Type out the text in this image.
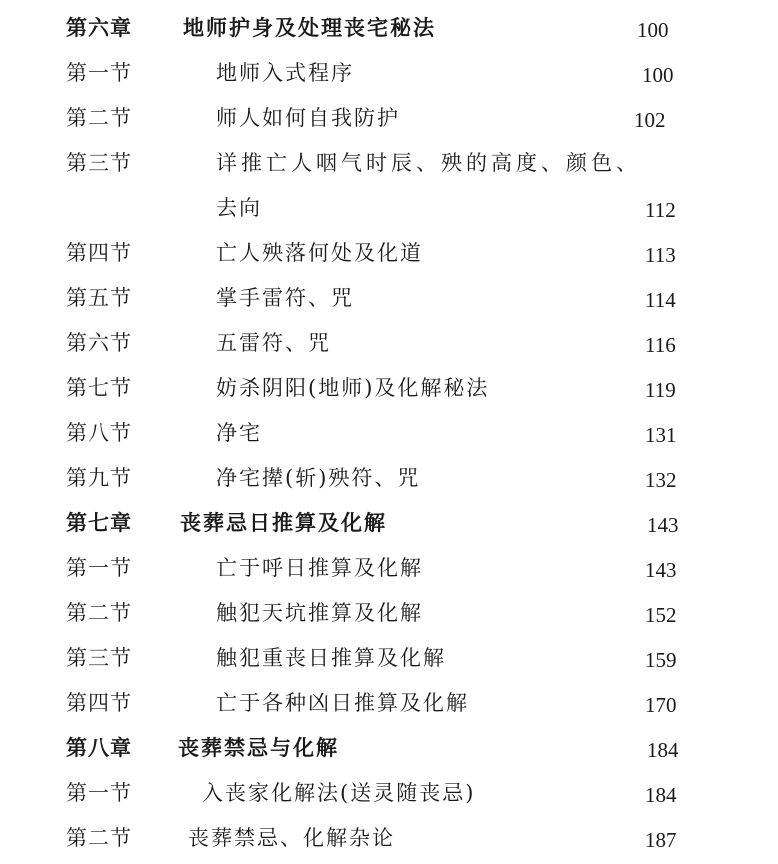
第六章 地师护身及处理丧宅秘法	100
第一节	地师入式程序	100
第二节	师人如何自我防护	102
第三节	详推亡人咽气时辰、殃的高度、颜色、
去向	112
第四节	亡人殃落何处及化道	113
第五节	掌手雷符、咒	114
第六节	五雷符、咒	116
第七节	妨杀阴阳(地师)及化解秘法	119
第八节	净宅	131
第九节	净宅撵(斩)殃符、咒	132
第七章 丧葬忌日推算及化解	143
第一节	亡于呼日推算及化解	143
第二节	触犯天坑推算及化解	152
第三节	触犯重丧日推算及化解	159
第四节	亡于各种凶日推算及化解	170
第八章 丧葬禁忌与化解	184
第一节	入丧家化解法(送灵随丧忌)	184
第二节	丧葬禁忌、化解杂论	187
